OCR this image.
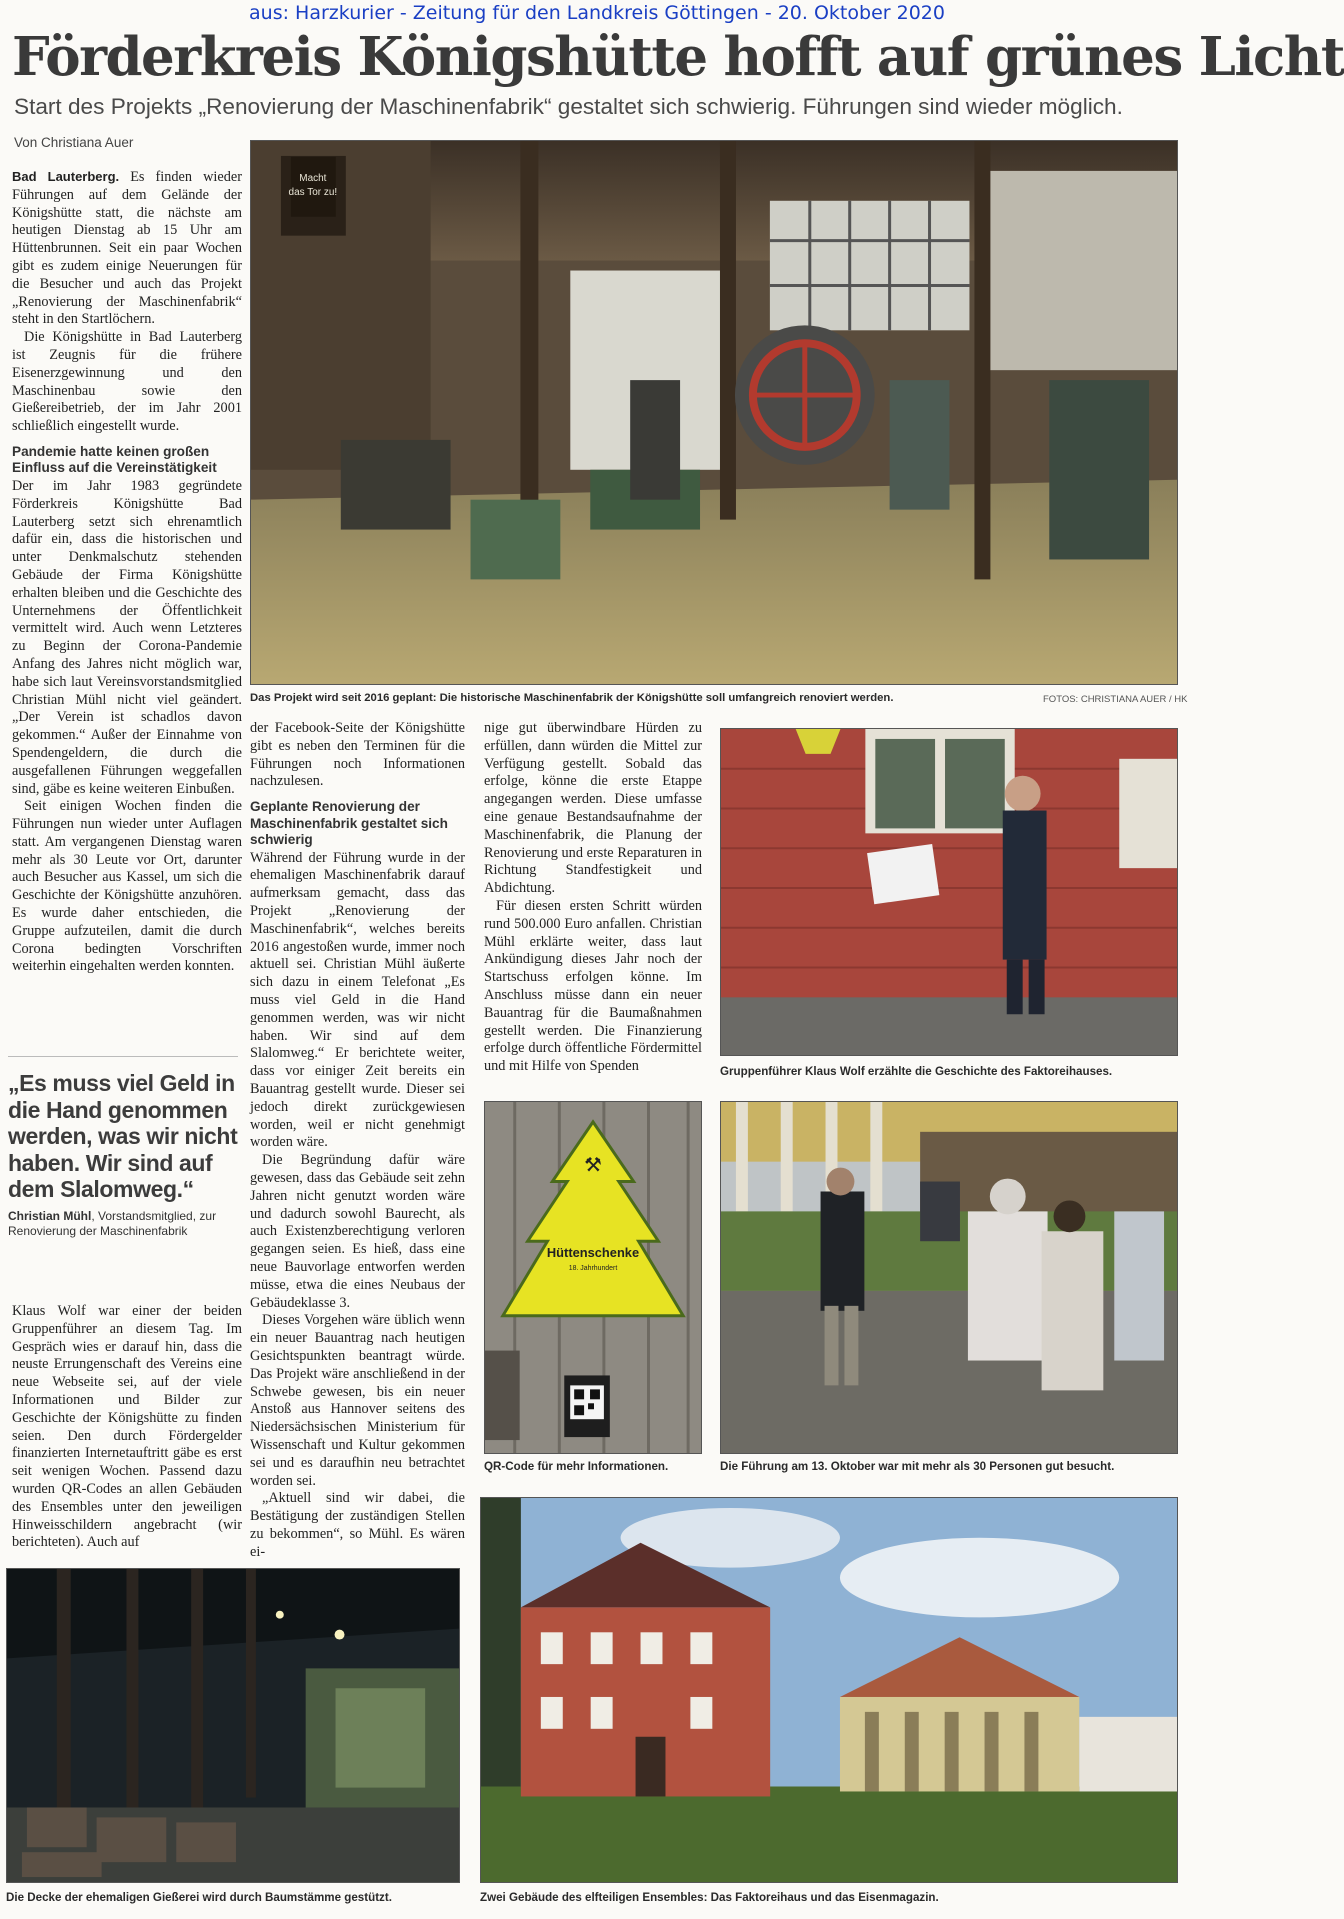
aus: Harzkurier - Zeitung für den Landkreis Göttingen - 20. Oktober 2020
Förderkreis Königshütte hofft auf grünes Licht
Start des Projekts „Renovierung der Maschinenfabrik“ gestaltet sich schwierig. Führungen sind wieder möglich.
Von Christiana Auer

Bad Lauterberg. Es finden wieder Führungen auf dem Gelände der Königshütte statt, die nächste am heutigen Dienstag ab 15 Uhr am Hüttenbrunnen. Seit ein paar Wochen gibt es zudem einige Neuerungen für die Besucher und auch das Projekt „Renovierung der Maschinenfabrik“ steht in den Startlöchern.

Die Königshütte in Bad Lauterberg ist Zeugnis für die frühere Eisenerzgewinnung und den Maschinenbau sowie den Gießereibetrieb, der im Jahr 2001 schließlich eingestellt wurde.

Pandemie hatte keinen großen Einfluss auf die Vereinstätigkeit

Der im Jahr 1983 gegründete Förderkreis Königshütte Bad Lauterberg setzt sich ehrenamtlich dafür ein, dass die historischen und unter Denkmalschutz stehenden Gebäude der Firma Königshütte erhalten bleiben und die Geschichte des Unternehmens der Öffentlichkeit vermittelt wird. Auch wenn Letzteres zu Beginn der Corona-Pandemie Anfang des Jahres nicht möglich war, habe sich laut Vereinsvorstandsmitglied Christian Mühl nicht viel geändert. „Der Verein ist schadlos davon gekommen.“ Außer der Einnahme von Spendengeldern, die durch die ausgefallenen Führungen weggefallen sind, gäbe es keine weiteren Einbußen.

Seit einigen Wochen finden die Führungen nun wieder unter Auflagen statt. Am vergangenen Dienstag waren mehr als 30 Leute vor Ort, darunter auch Besucher aus Kassel, um sich die Geschichte der Königshütte anzuhören. Es wurde daher entschieden, die Gruppe aufzuteilen, damit die durch Corona bedingten Vorschriften weiterhin eingehalten werden konnten.

„Es muss viel Geld in die Hand genommen werden, was wir nicht haben. Wir sind auf dem Slalomweg.“
Christian Mühl, Vorstandsmitglied, zur Renovierung der Maschinenfabrik

Klaus Wolf war einer der beiden Gruppenführer an diesem Tag. Im Gespräch wies er darauf hin, dass die neuste Errungenschaft des Vereins eine neue Webseite sei, auf der viele Informationen und Bilder zur Geschichte der Königshütte zu finden seien. Den durch Fördergelder finanzierten Internetauftritt gäbe es erst seit wenigen Wochen. Passend dazu wurden QR-Codes an allen Gebäuden des Ensembles unter den jeweiligen Hinweisschildern angebracht (wir berichteten). Auch auf

Macht
das Tor zu!
Das Projekt wird seit 2016 geplant: Die historische Maschinenfabrik der Königshütte soll umfangreich renoviert werden.	FOTOS: CHRISTIANA AUER / HK

der Facebook-Seite der Königshütte gibt es neben den Terminen für die Führungen noch Informationen nachzulesen.

Geplante Renovierung der Maschinenfabrik gestaltet sich schwierig

Während der Führung wurde in der ehemaligen Maschinenfabrik darauf aufmerksam gemacht, dass das Projekt „Renovierung der Maschinenfabrik“, welches bereits 2016 angestoßen wurde, immer noch aktuell sei. Christian Mühl äußerte sich dazu in einem Telefonat „Es muss viel Geld in die Hand genommen werden, was wir nicht haben. Wir sind auf dem Slalomweg.“ Er berichtete weiter, dass vor einiger Zeit bereits ein Bauantrag gestellt wurde. Dieser sei jedoch direkt zurückgewiesen worden, weil er nicht genehmigt worden wäre.

Die Begründung dafür wäre gewesen, dass das Gebäude seit zehn Jahren nicht genutzt worden wäre und dadurch sowohl Baurecht, als auch Existenzberechtigung verloren gegangen seien. Es hieß, dass eine neue Bauvorlage entworfen werden müsse, etwa die eines Neubaus der Gebäudeklasse 3.

Dieses Vorgehen wäre üblich wenn ein neuer Bauantrag nach heutigen Gesichtspunkten beantragt würde. Das Projekt wäre anschließend in der Schwebe gewesen, bis ein neuer Anstoß aus Hannover seitens des Niedersächsischen Ministerium für Wissenschaft und Kultur gekommen sei und es daraufhin neu betrachtet worden sei.

„Aktuell sind wir dabei, die Bestätigung der zuständigen Stellen zu bekommen“, so Mühl. Es wären ei-

nige gut überwindbare Hürden zu erfüllen, dann würden die Mittel zur Verfügung gestellt. Sobald das erfolge, könne die erste Etappe angegangen werden. Diese umfasse eine genaue Bestandsaufnahme der Maschinenfabrik, die Planung der Renovierung und erste Reparaturen in Richtung Standfestigkeit und Abdichtung.

Für diesen ersten Schritt würden rund 500.000 Euro anfallen. Christian Mühl erklärte weiter, dass laut Ankündigung dieses Jahr noch der Startschuss erfolgen könne. Im Anschluss müsse dann ein neuer Bauantrag für die Baumaßnahmen gestellt werden. Die Finanzierung erfolge durch öffentliche Fördermittel und mit Hilfe von Spenden	Gruppenführer Klaus Wolf erzählte die Geschichte des Faktoreihauses.
⚒
Hüttenschenke
18. Jahrhundert
QR-Code für mehr Informationen.	Die Führung am 13. Oktober war mit mehr als 30 Personen gut besucht.
Die Decke der ehemaligen Gießerei wird durch Baumstämme gestützt.	Zwei Gebäude des elfteiligen Ensembles: Das Faktoreihaus und das Eisenmagazin.
